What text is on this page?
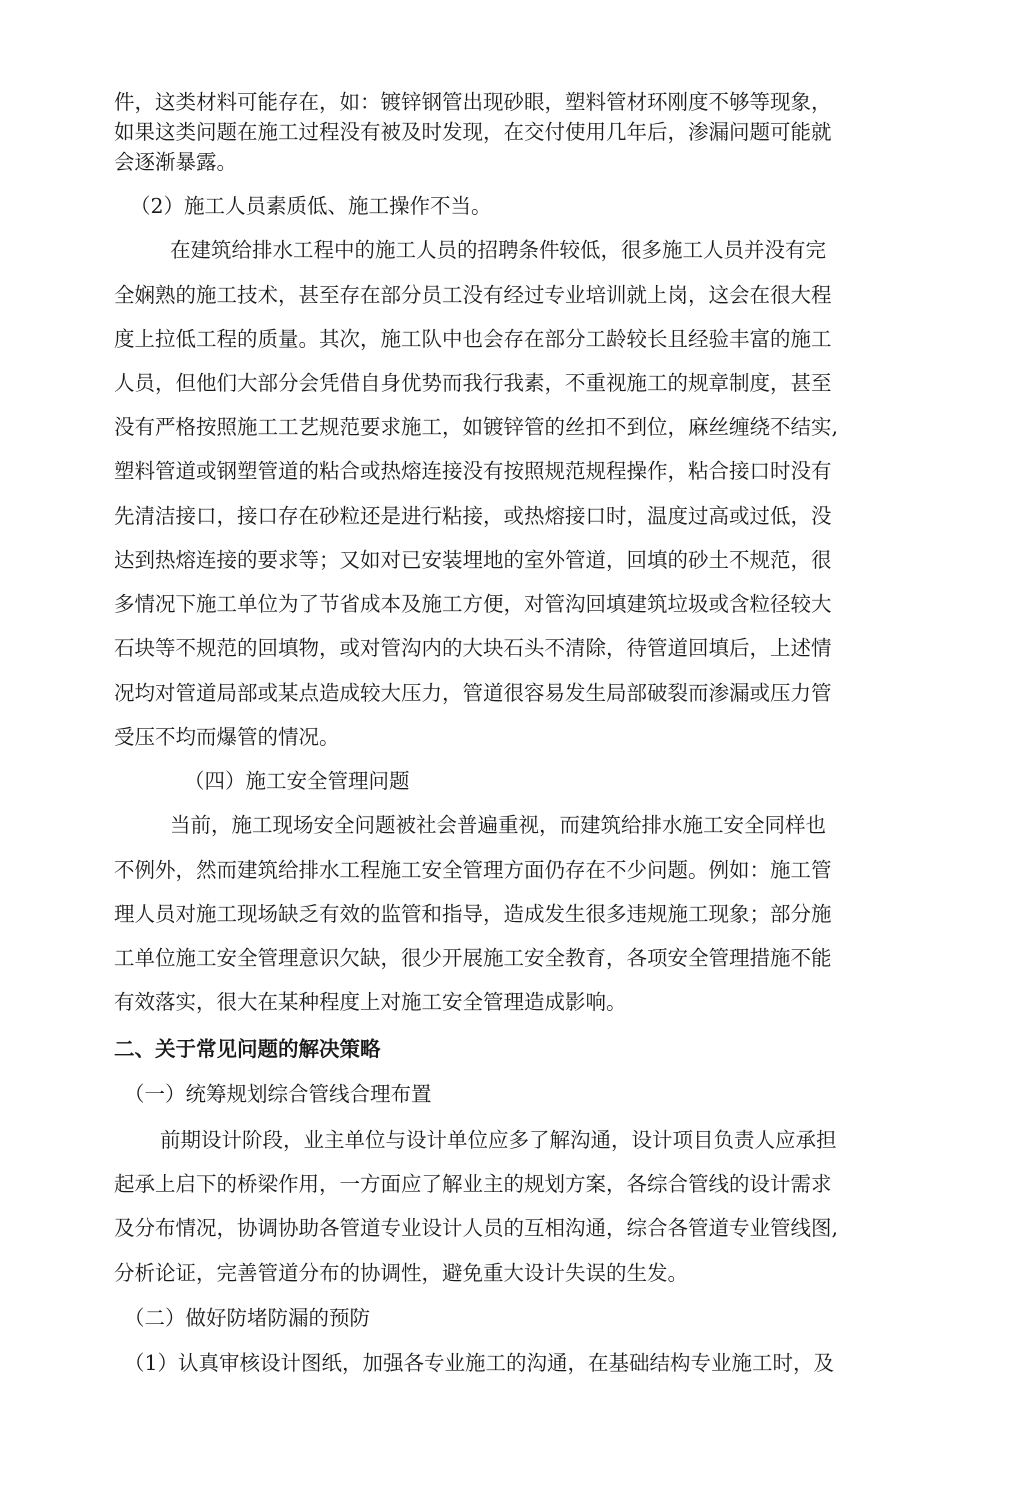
件，这类材料可能存在，如：镀锌钢管出现砂眼，塑料管材环刚度不够等现象，
如果这类问题在施工过程没有被及时发现，在交付使用几年后，渗漏问题可能就
会逐渐暴露。
（2）施工人员素质低、施工操作不当。
在建筑给排水工程中的施工人员的招聘条件较低，很多施工人员并没有完
全娴熟的施工技术，甚至存在部分员工没有经过专业培训就上岗，这会在很大程
度上拉低工程的质量。其次，施工队中也会存在部分工龄较长且经验丰富的施工
人员，但他们大部分会凭借自身优势而我行我素，不重视施工的规章制度，甚至
没有严格按照施工工艺规范要求施工，如镀锌管的丝扣不到位，麻丝缠绕不结实,
塑料管道或钢塑管道的粘合或热熔连接没有按照规范规程操作，粘合接口时没有
先清洁接口，接口存在砂粒还是进行粘接，或热熔接口时，温度过高或过低，没
达到热熔连接的要求等；又如对已安装埋地的室外管道，回填的砂土不规范，很
多情况下施工单位为了节省成本及施工方便，对管沟回填建筑垃圾或含粒径较大
石块等不规范的回填物，或对管沟内的大块石头不清除，待管道回填后，上述情
况均对管道局部或某点造成较大压力，管道很容易发生局部破裂而渗漏或压力管
受压不均而爆管的情况。
（四）施工安全管理问题
当前，施工现场安全问题被社会普遍重视，而建筑给排水施工安全同样也
不例外，然而建筑给排水工程施工安全管理方面仍存在不少问题。例如：施工管
理人员对施工现场缺乏有效的监管和指导，造成发生很多违规施工现象；部分施
工单位施工安全管理意识欠缺，很少开展施工安全教育，各项安全管理措施不能
有效落实，很大在某种程度上对施工安全管理造成影响。
二、关于常见问题的解决策略
（一）统筹规划综合管线合理布置
前期设计阶段，业主单位与设计单位应多了解沟通，设计项目负责人应承担
起承上启下的桥梁作用，一方面应了解业主的规划方案，各综合管线的设计需求
及分布情况，协调协助各管道专业设计人员的互相沟通，综合各管道专业管线图,
分析论证，完善管道分布的协调性，避免重大设计失误的生发。
（二）做好防堵防漏的预防
（1）认真审核设计图纸，加强各专业施工的沟通，在基础结构专业施工时，及
